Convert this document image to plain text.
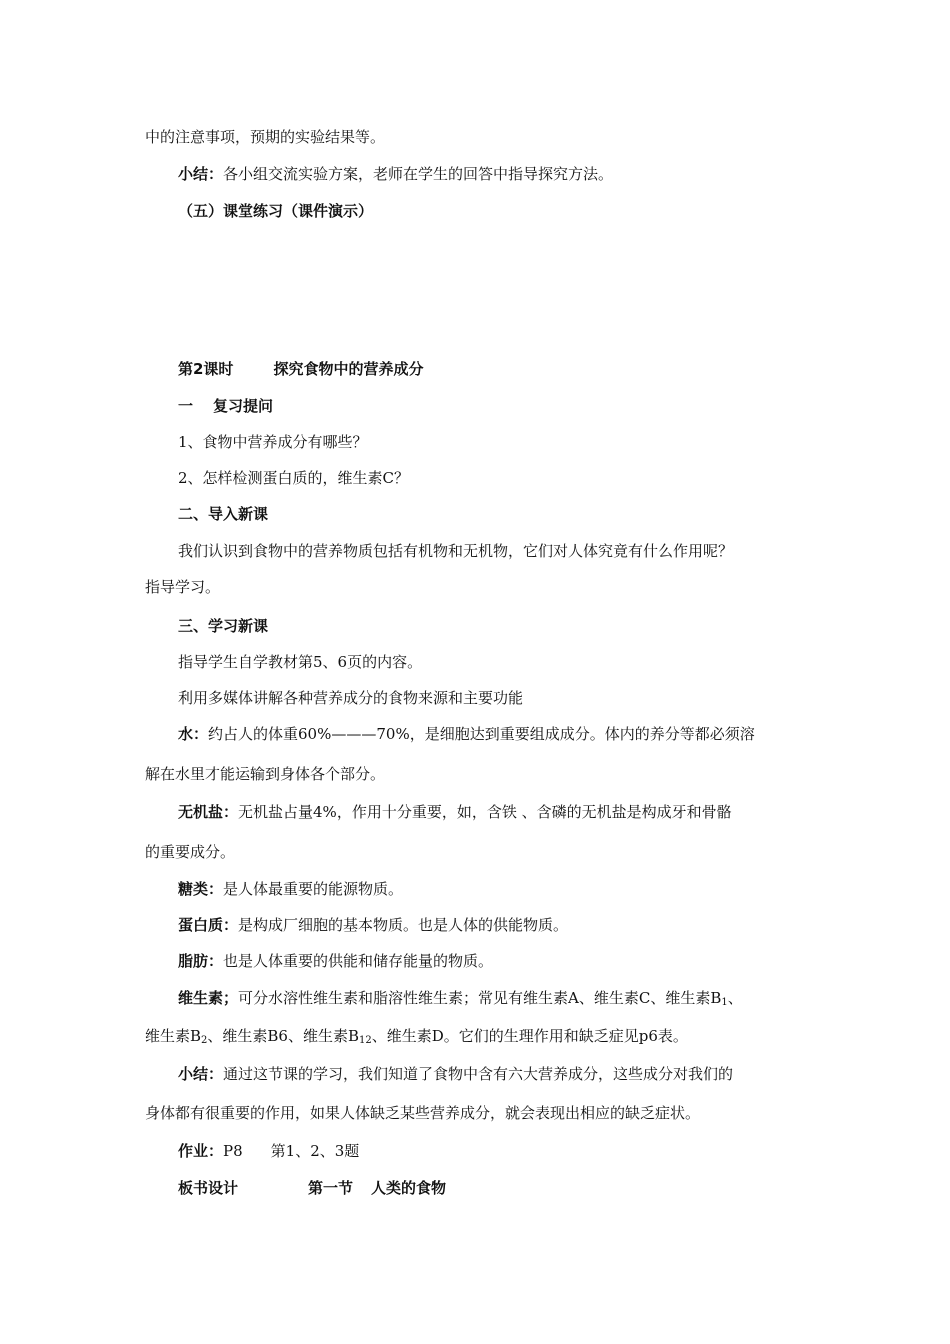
中的注意事项，预期的实验结果等。
小结：各小组交流实验方案，老师在学生的回答中指导探究方法。
（五）课堂练习（课件演示）
第2课时	探究食物中的营养成分
一 复习提问
1、食物中营养成分有哪些？
2、怎样检测蛋白质的，维生素C？
二、导入新课
我们认识到食物中的营养物质包括有机物和无机物，它们对人体究竟有什么作用呢？
指导学习。
三、学习新课
指导学生自学教材第5、6页的内容。
利用多媒体讲解各种营养成分的食物来源和主要功能
水：约占人的体重60%———70%，是细胞达到重要组成成分。体内的养分等都必须溶
解在水里才能运输到身体各个部分。
无机盐：无机盐占量4%，作用十分重要，如，含铁 、含磷的无机盐是构成牙和骨骼
的重要成分。
糖类：是人体最重要的能源物质。
蛋白质：是构成厂细胞的基本物质。也是人体的供能物质。
脂肪：也是人体重要的供能和储存能量的物质。
维生素；可分水溶性维生素和脂溶性维生素；常见有维生素A、维生素C、维生素$B_1$、
维生素$B_2$、维生素B6、维生素$B_{12}$、维生素D。它们的生理作用和缺乏症见p6表。
小结：通过这节课的学习，我们知道了食物中含有六大营养成分，这些成分对我们的
身体都有很重要的作用，如果人体缺乏某些营养成分，就会表现出相应的缺乏症状。
作业：P8 第1、2、3题
板书设计	第一节 人类的食物
